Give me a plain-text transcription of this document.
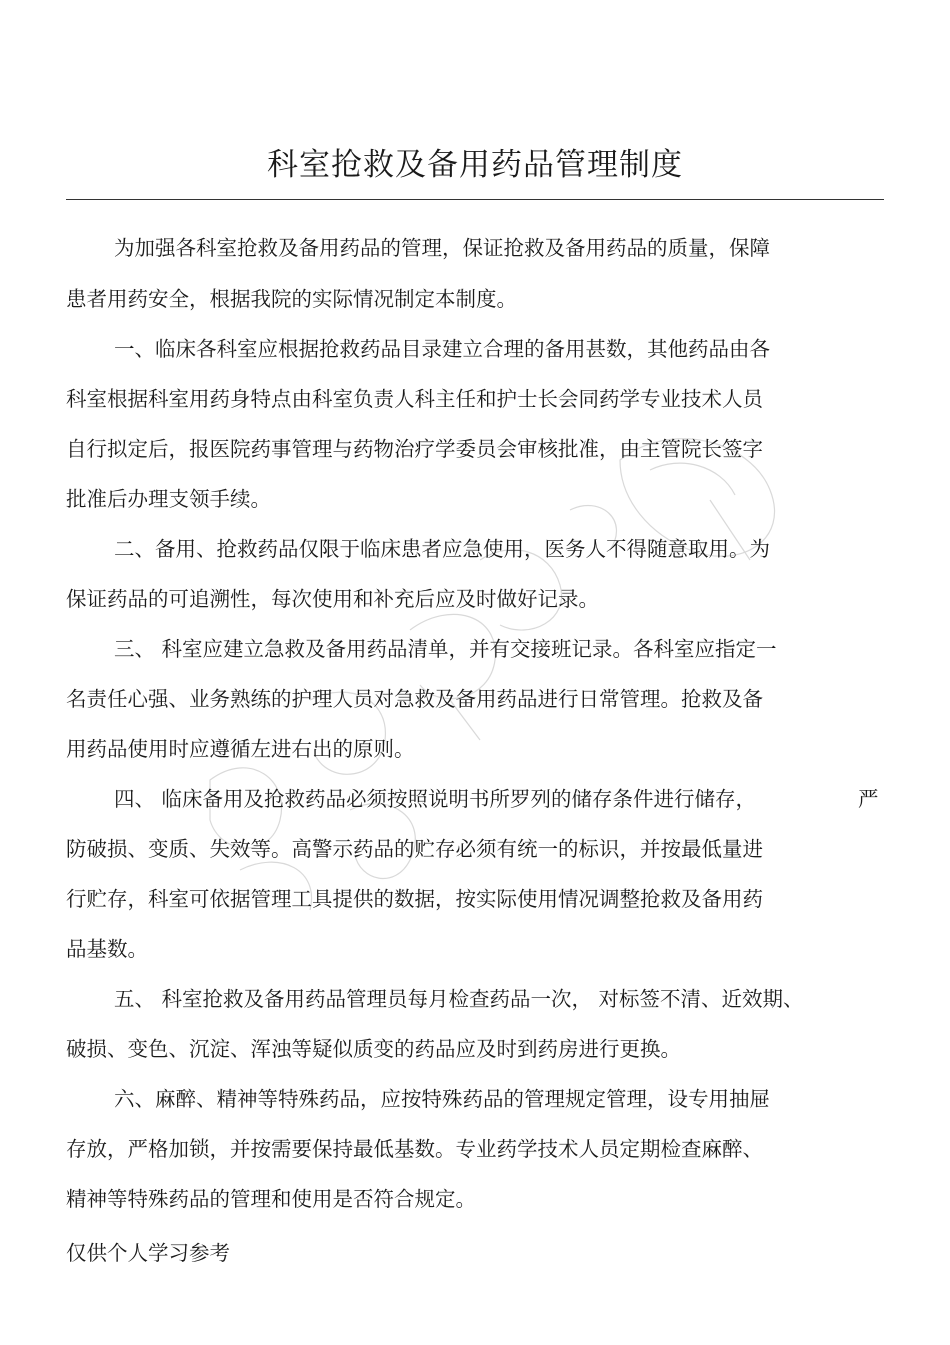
科室抢救及备用药品管理制度
为加强各科室抢救及备用药品的管理，保证抢救及备用药品的质量，保障
患者用药安全，根据我院的实际情况制定本制度。
一、临床各科室应根据抢救药品目录建立合理的备用甚数，其他药品由各
科室根据科室用药身特点由科室负责人科主任和护士长会同药学专业技术人员
自行拟定后，报医院药事管理与药物治疗学委员会审核批准，由主管院长签字
批准后办理支领手续。
二、备用、抢救药品仅限于临床患者应急使用，医务人不得随意取用。为
保证药品的可追溯性，每次使用和补充后应及时做好记录。
三、 科室应建立急救及备用药品清单，并有交接班记录。各科室应指定一
名责任心强、业务熟练的护理人员对急救及备用药品进行日常管理。抢救及备
用药品使用时应遵循左进右出的原则。
四、 临床备用及抢救药品必须按照说明书所罗列的储存条件进行储存，	严
防破损、变质、失效等。高警示药品的贮存必须有统一的标识，并按最低量进
行贮存，科室可依据管理工具提供的数据，按实际使用情况调整抢救及备用药
品基数。
五、 科室抢救及备用药品管理员每月检查药品一次， 对标签不清、近效期、
破损、变色、沉淀、浑浊等疑似质变的药品应及时到药房进行更换。
六、麻醉、精神等特殊药品，应按特殊药品的管理规定管理，设专用抽屉
存放，严格加锁，并按需要保持最低基数。专业药学技术人员定期检查麻醉、
精神等特殊药品的管理和使用是否符合规定。
仅供个人学习参考
